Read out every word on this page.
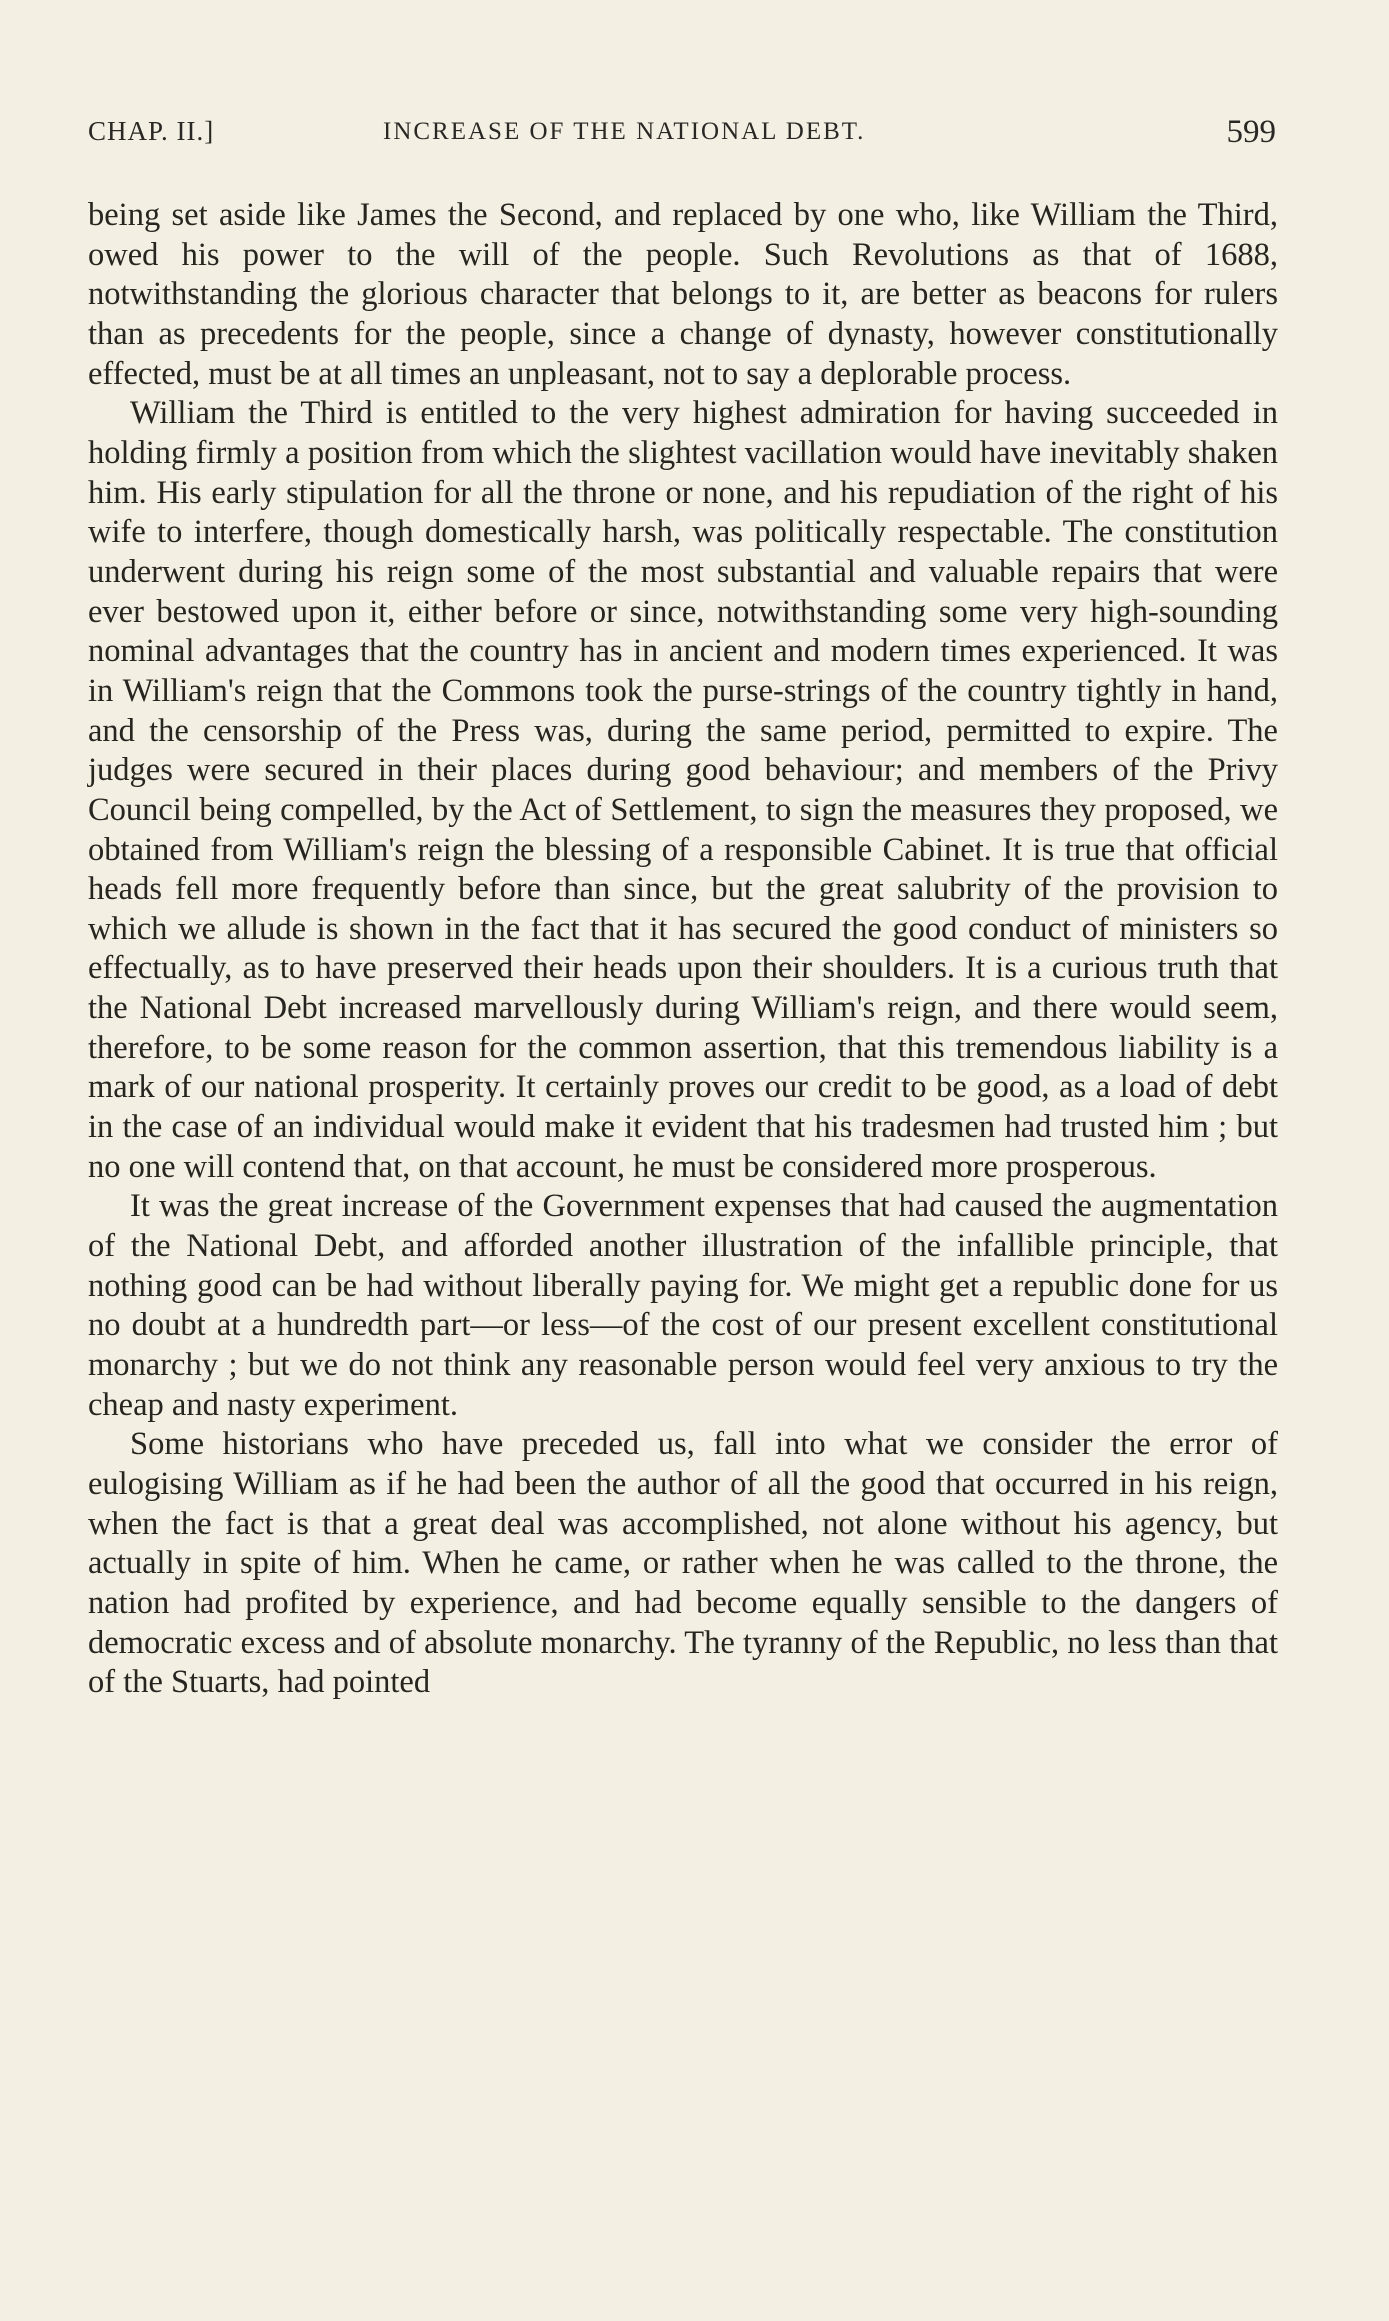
CHAP. II.]	INCREASE OF THE NATIONAL DEBT.	599

being set aside like James the Second, and replaced by one who, like William the Third, owed his power to the will of the people. Such Revolutions as that of 1688, notwithstanding the glorious character that belongs to it, are better as beacons for rulers than as precedents for the people, since a change of dynasty, however constitutionally effected, must be at all times an unpleasant, not to say a deplorable process.

William the Third is entitled to the very highest admiration for having succeeded in holding firmly a position from which the slightest vacillation would have inevitably shaken him. His early stipulation for all the throne or none, and his repudiation of the right of his wife to interfere, though domestically harsh, was politically respectable. The constitution underwent during his reign some of the most substantial and valuable repairs that were ever bestowed upon it, either before or since, notwithstanding some very high-sounding nominal advantages that the country has in ancient and modern times experienced. It was in William's reign that the Commons took the purse-strings of the country tightly in hand, and the censorship of the Press was, during the same period, permitted to expire. The judges were secured in their places during good behaviour; and members of the Privy Council being compelled, by the Act of Settlement, to sign the measures they proposed, we obtained from William's reign the blessing of a responsible Cabinet. It is true that official heads fell more frequently before than since, but the great salubrity of the provision to which we allude is shown in the fact that it has secured the good conduct of ministers so effectually, as to have preserved their heads upon their shoulders. It is a curious truth that the National Debt increased marvellously during William's reign, and there would seem, therefore, to be some reason for the common assertion, that this tremendous liability is a mark of our national prosperity. It certainly proves our credit to be good, as a load of debt in the case of an individual would make it evident that his tradesmen had trusted him ; but no one will contend that, on that account, he must be considered more prosperous.

It was the great increase of the Government expenses that had caused the augmentation of the National Debt, and afforded another illustration of the infallible principle, that nothing good can be had without liberally paying for. We might get a republic done for us no doubt at a hundredth part—or less—of the cost of our present excellent constitutional monarchy ; but we do not think any reasonable person would feel very anxious to try the cheap and nasty experiment.

Some historians who have preceded us, fall into what we consider the error of eulogising William as if he had been the author of all the good that occurred in his reign, when the fact is that a great deal was accomplished, not alone without his agency, but actually in spite of him. When he came, or rather when he was called to the throne, the nation had profited by experience, and had become equally sensible to the dangers of democratic excess and of absolute monarchy. The tyranny of the Republic, no less than that of the Stuarts, had pointed
